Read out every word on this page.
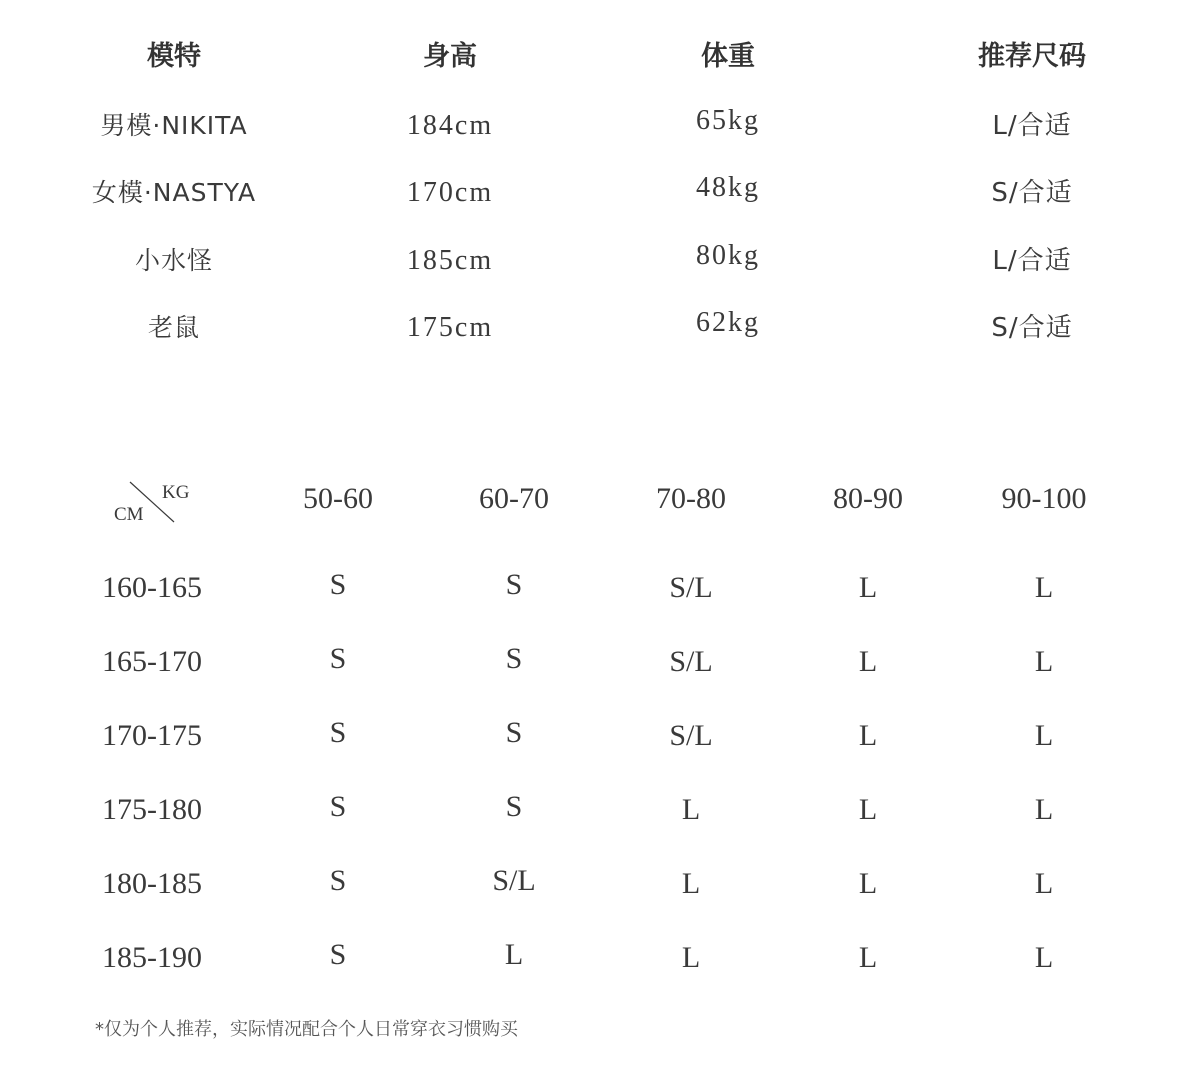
模特	身高	体重	推荐尺码
男模·NIKITA	184cm	65kg	L/合适
女模·NASTYA	170cm	48kg	S/合适
小水怪	185cm	80kg	L/合适
老鼠	175cm	62kg	S/合适
KG
CM	50-60	60-70	70-80	80-90	90-100
160-165	S	S	S/L	L	L
165-170	S	S	S/L	L	L
170-175	S	S	S/L	L	L
175-180	S	S	L	L	L
180-185	S	S/L	L	L	L
185-190	S	L	L	L	L
*仅为个人推荐，实际情况配合个人日常穿衣习惯购买
